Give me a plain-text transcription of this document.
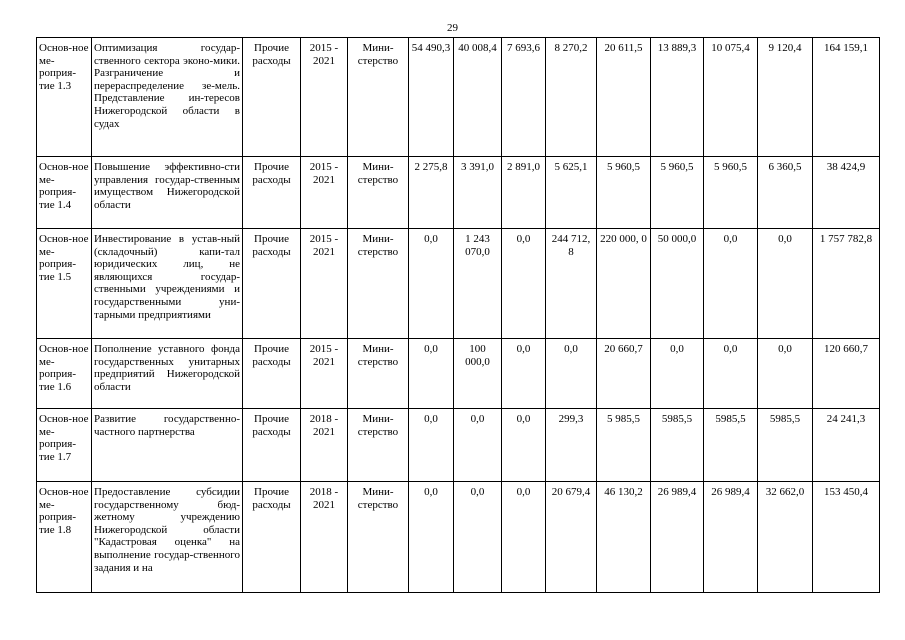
29
Основ-ное ме-роприя-тие 1.3	Оптимизация государ-ственного сектора эконо-мики. Разграничение и перераспределение зе-мель. Представление ин-тересов Нижегородской области в судах	Прочие расходы	2015 - 2021	Мини-стерство	54 490,3	40 008,4	7 693,6	8 270,2	20 611,5	13 889,3	10 075,4	9 120,4	164 159,1
Основ-ное ме-роприя-тие 1.4	Повышение эффективно-сти управления государ-ственным имуществом Нижегородской области	Прочие расходы	2015 - 2021	Мини-стерство	2 275,8	3 391,0	2 891,0	5 625,1	5 960,5	5 960,5	5 960,5	6 360,5	38 424,9
Основ-ное ме-роприя-тие 1.5	Инвестирование в устав-ный (складочный) капи-тал юридических лиц, не являющихся государ-ственными учреждениями и государственными уни-тарными предприятиями	Прочие расходы	2015 - 2021	Мини-стерство	0,0	1 243 070,0	0,0	244 712, 8	220 000, 0	50 000,0	0,0	0,0	1 757 782,8
Основ-ное ме-роприя-тие 1.6	Пополнение уставного фонда государственных унитарных предприятий Нижегородской области	Прочие расходы	2015 - 2021	Мини-стерство	0,0	100 000,0	0,0	0,0	20 660,7	0,0	0,0	0,0	120 660,7
Основ-ное ме-роприя-тие 1.7	Развитие государственно-частного партнерства	Прочие расходы	2018 - 2021	Мини-стерство	0,0	0,0	0,0	299,3	5 985,5	5985,5	5985,5	5985,5	24 241,3
Основ-ное ме-роприя-тие 1.8	Предоставление субсидии государственному бюд-жетному учреждению Нижегородской области "Кадастровая оценка" на выполнение государ-ственного задания и на	Прочие расходы	2018 - 2021	Мини-стерство	0,0	0,0	0,0	20 679,4	46 130,2	26 989,4	26 989,4	32 662,0	153 450,4
